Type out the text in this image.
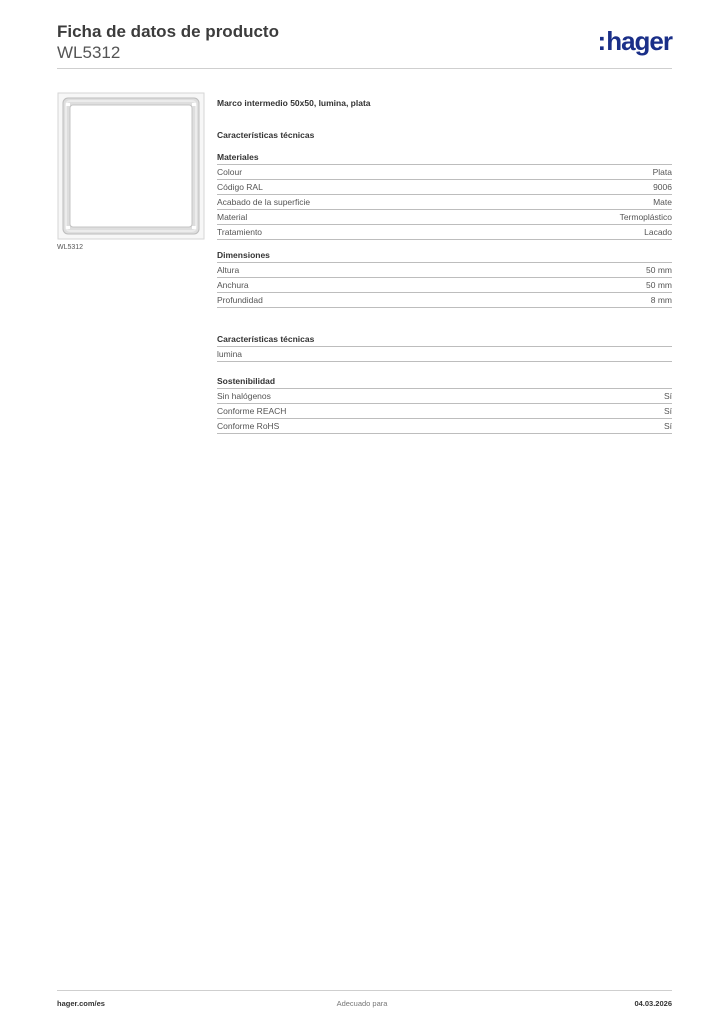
Ficha de datos de producto
WL5312	:hager
WL5312
Marco intermedio 50x50, lumina, plata
Características técnicas
Materiales
Colour	Plata
Código RAL	9006
Acabado de la superficie	Mate
Material	Termoplástico
Tratamiento	Lacado
Dimensiones
Altura	50 mm
Anchura	50 mm
Profundidad	8 mm
Características técnicas
lumina
Sostenibilidad
Sin halógenos	Sí
Conforme REACH	Sí
Conforme RoHS	Sí
hager.com/es	Adecuado para	04.03.2026
